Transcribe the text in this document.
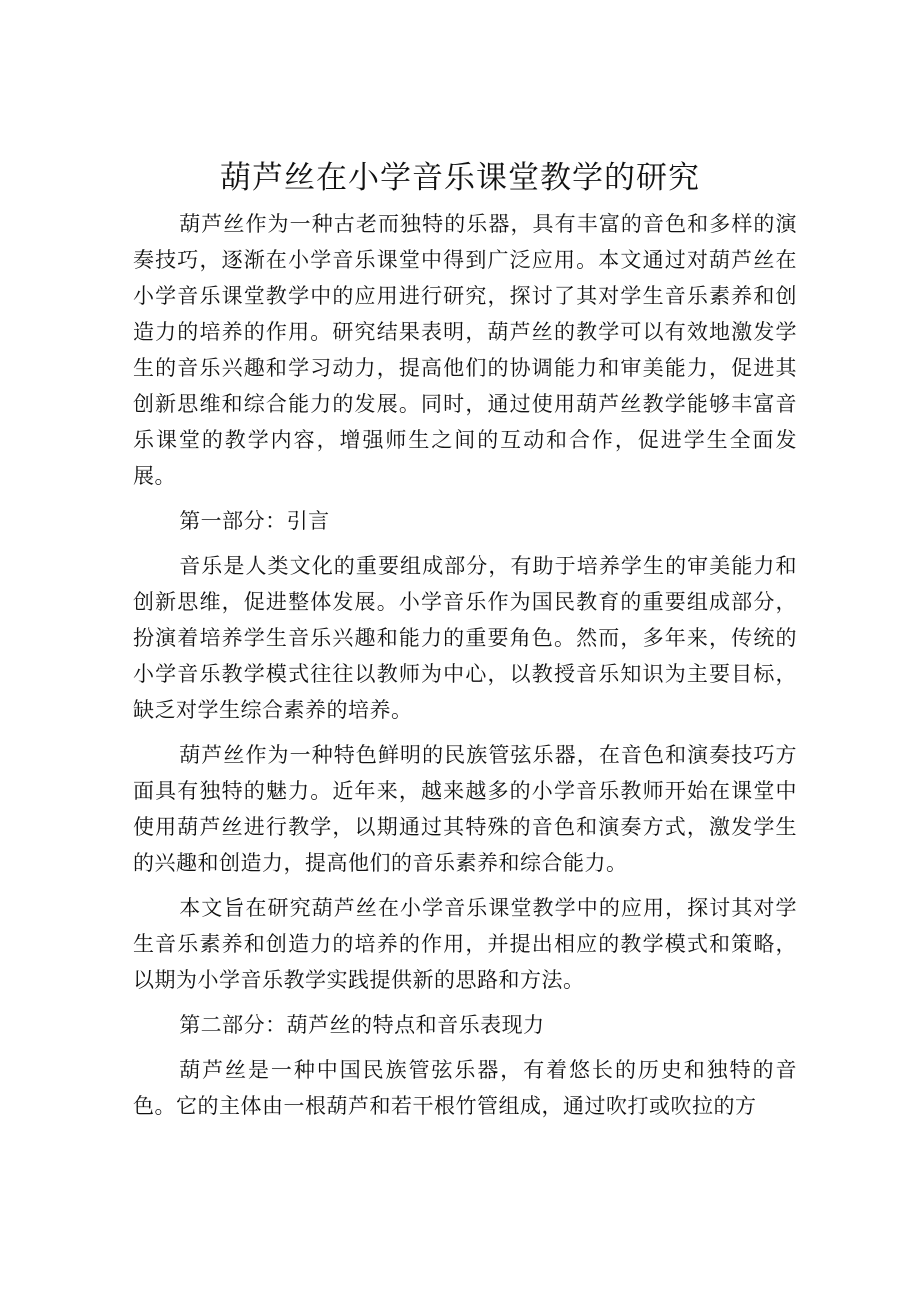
葫芦丝在小学音乐课堂教学的研究

葫芦丝作为一种古老而独特的乐器，具有丰富的音色和多样的演奏技巧，逐渐在小学音乐课堂中得到广泛应用。本文通过对葫芦丝在小学音乐课堂教学中的应用进行研究，探讨了其对学生音乐素养和创造力的培养的作用。研究结果表明，葫芦丝的教学可以有效地激发学生的音乐兴趣和学习动力，提高他们的协调能力和审美能力，促进其创新思维和综合能力的发展。同时，通过使用葫芦丝教学能够丰富音乐课堂的教学内容，增强师生之间的互动和合作，促进学生全面发展。

第一部分：引言

音乐是人类文化的重要组成部分，有助于培养学生的审美能力和创新思维，促进整体发展。小学音乐作为国民教育的重要组成部分，扮演着培养学生音乐兴趣和能力的重要角色。然而，多年来，传统的小学音乐教学模式往往以教师为中心，以教授音乐知识为主要目标，缺乏对学生综合素养的培养。

葫芦丝作为一种特色鲜明的民族管弦乐器，在音色和演奏技巧方面具有独特的魅力。近年来，越来越多的小学音乐教师开始在课堂中使用葫芦丝进行教学，以期通过其特殊的音色和演奏方式，激发学生的兴趣和创造力，提高他们的音乐素养和综合能力。

本文旨在研究葫芦丝在小学音乐课堂教学中的应用，探讨其对学生音乐素养和创造力的培养的作用，并提出相应的教学模式和策略，以期为小学音乐教学实践提供新的思路和方法。

第二部分：葫芦丝的特点和音乐表现力

葫芦丝是一种中国民族管弦乐器，有着悠长的历史和独特的音色。它的主体由一根葫芦和若干根竹管组成，通过吹打或吹拉的方
